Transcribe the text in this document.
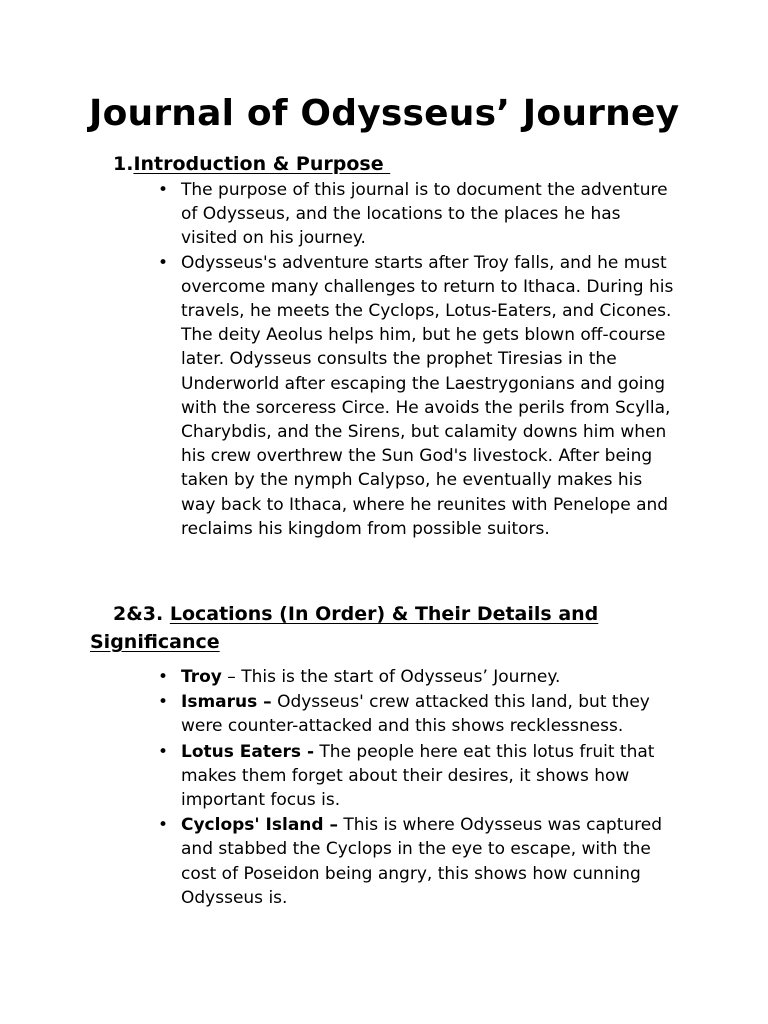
Journal of Odysseus’ Journey
1.Introduction & Purpose
• The purpose of this journal is to document the adventure of Odysseus, and the locations to the places he has visited on his journey.
• Odysseus's adventure starts after Troy falls, and he must overcome many challenges to return to Ithaca. During his travels, he meets the Cyclops, Lotus-Eaters, and Cicones. The deity Aeolus helps him, but he gets blown off-course later. Odysseus consults the prophet Tiresias in the Underworld after escaping the Laestrygonians and going with the sorceress Circe. He avoids the perils from Scylla, Charybdis, and the Sirens, but calamity downs him when his crew overthrew the Sun God's livestock. After being taken by the nymph Calypso, he eventually makes his way back to Ithaca, where he reunites with Penelope and reclaims his kingdom from possible suitors.
2&3. Locations (In Order) & Their Details and Significance
• Troy – This is the start of Odysseus’ Journey.
• Ismarus – Odysseus' crew attacked this land, but they were counter-attacked and this shows recklessness.
• Lotus Eaters - The people here eat this lotus fruit that makes them forget about their desires, it shows how important focus is.
• Cyclops' Island – This is where Odysseus was captured and stabbed the Cyclops in the eye to escape, with the cost of Poseidon being angry, this shows how cunning Odysseus is.
